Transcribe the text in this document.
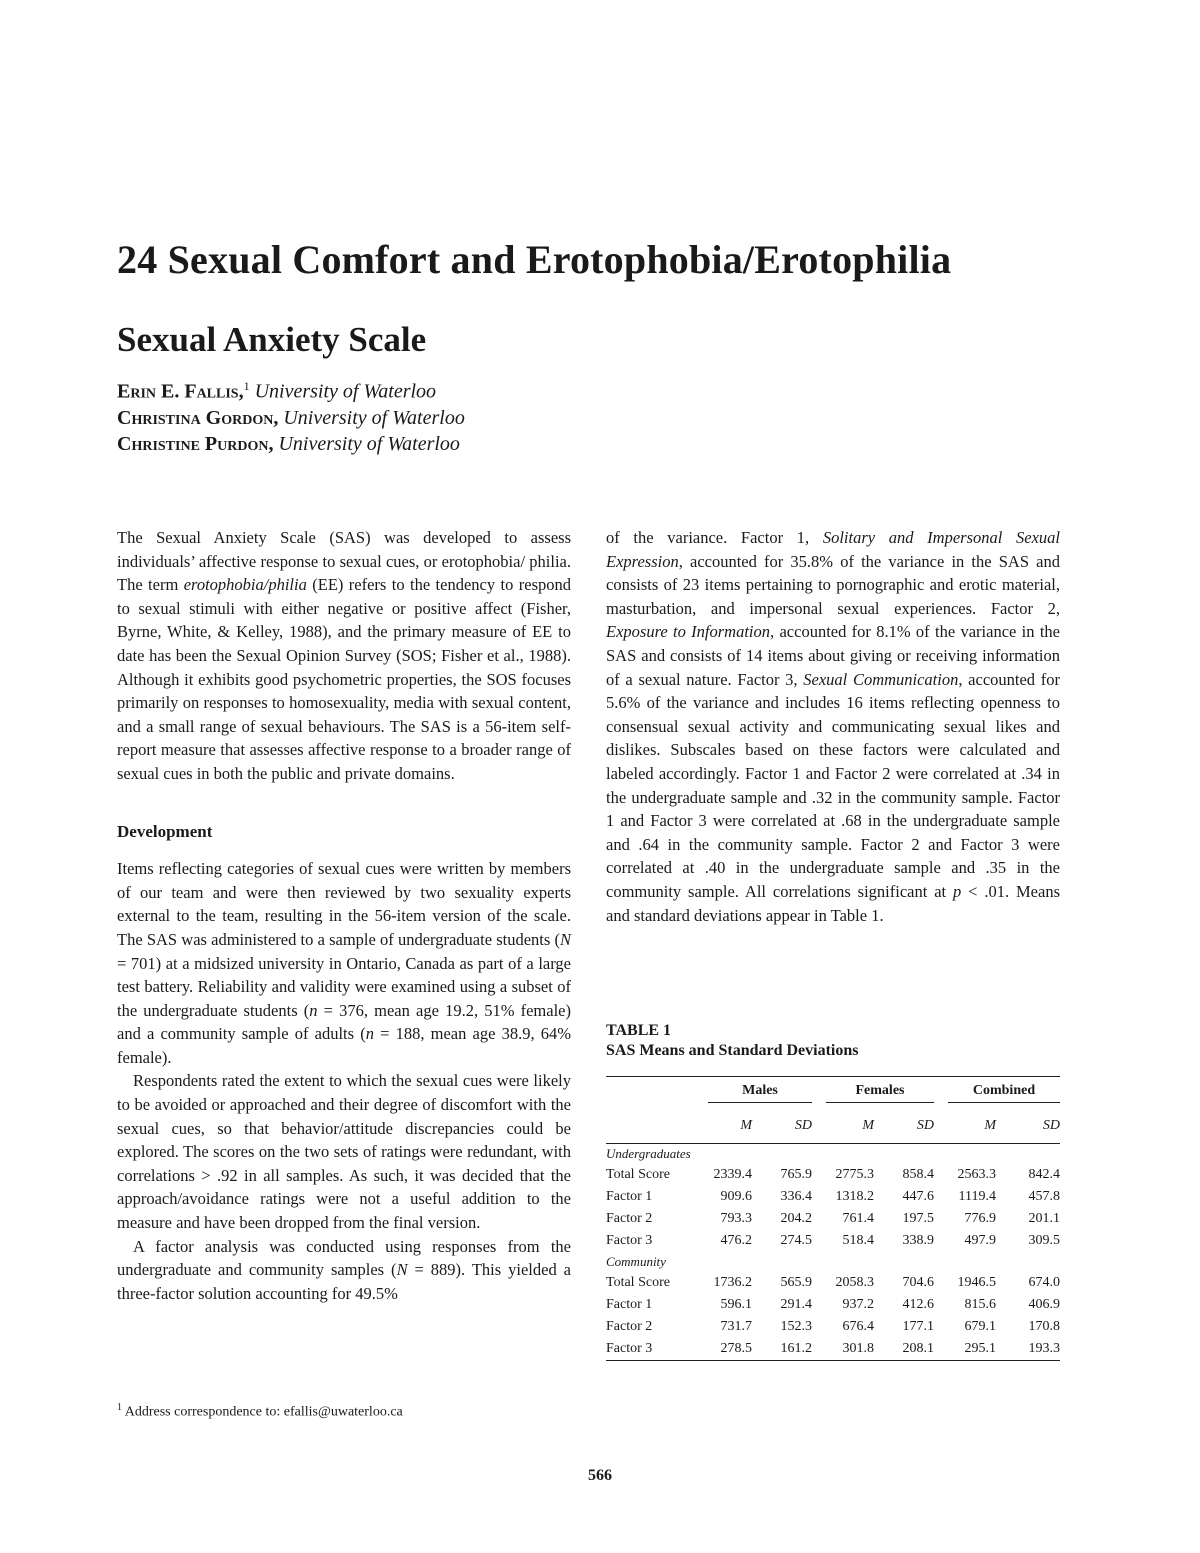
24 Sexual Comfort and Erotophobia/Erotophilia
Sexual Anxiety Scale
Erin E. Fallis,$^1$ University of Waterloo
Christina Gordon, University of Waterloo
Christine Purdon, University of Waterloo

The Sexual Anxiety Scale (SAS) was developed to assess individuals’ affective response to sexual cues, or erotophobia/ philia. The term erotophobia/philia (EE) refers to the tendency to respond to sexual stimuli with either negative or positive affect (Fisher, Byrne, White, & Kelley, 1988), and the primary measure of EE to date has been the Sexual Opinion Survey (SOS; Fisher et al., 1988). Although it exhibits good psychometric properties, the SOS focuses primarily on responses to homosexuality, media with sexual content, and a small range of sexual behaviours. The SAS is a 56-item self-report measure that assesses affective response to a broader range of sexual cues in both the public and private domains.

Development

Items reflecting categories of sexual cues were written by members of our team and were then reviewed by two sexuality experts external to the team, resulting in the 56-item version of the scale. The SAS was administered to a sample of undergraduate students (N = 701) at a midsized university in Ontario, Canada as part of a large test battery. Reliability and validity were examined using a subset of the undergraduate students (n = 376, mean age 19.2, 51% female) and a community sample of adults (n = 188, mean age 38.9, 64% female).

Respondents rated the extent to which the sexual cues were likely to be avoided or approached and their degree of discomfort with the sexual cues, so that behavior/attitude discrepancies could be explored. The scores on the two sets of ratings were redundant, with correlations > .92 in all samples. As such, it was decided that the approach/avoidance ratings were not a useful addition to the measure and have been dropped from the final version.

A factor analysis was conducted using responses from the undergraduate and community samples (N = 889). This yielded a three-factor solution accounting for 49.5%

of the variance. Factor 1, Solitary and Impersonal Sexual Expression, accounted for 35.8% of the variance in the SAS and consists of 23 items pertaining to pornographic and erotic material, masturbation, and impersonal sexual experiences. Factor 2, Exposure to Information, accounted for 8.1% of the variance in the SAS and consists of 14 items about giving or receiving information of a sexual nature. Factor 3, Sexual Communication, accounted for 5.6% of the variance and includes 16 items reflecting openness to consensual sexual activity and communicating sexual likes and dislikes. Subscales based on these factors were calculated and labeled accordingly. Factor 1 and Factor 2 were correlated at .34 in the undergraduate sample and .32 in the community sample. Factor 1 and Factor 3 were correlated at .68 in the undergraduate sample and .64 in the community sample. Factor 2 and Factor 3 were correlated at .40 in the undergraduate sample and .35 in the community sample. All correlations significant at p < .01. Means and standard deviations appear in Table 1.

TABLE 1
SAS Means and Standard Deviations
	Males		Females		Combined	
	M	SD	M	SD	M	SD
Undergraduates						
Total Score	2339.4	765.9	2775.3	858.4	2563.3	842.4
Factor 1	909.6	336.4	1318.2	447.6	1119.4	457.8
Factor 2	793.3	204.2	761.4	197.5	776.9	201.1
Factor 3	476.2	274.5	518.4	338.9	497.9	309.5
Community						
Total Score	1736.2	565.9	2058.3	704.6	1946.5	674.0
Factor 1	596.1	291.4	937.2	412.6	815.6	406.9
Factor 2	731.7	152.3	676.4	177.1	679.1	170.8
Factor 3	278.5	161.2	301.8	208.1	295.1	193.3
$^1$ Address correspondence to: efallis@uwaterloo.ca
566
